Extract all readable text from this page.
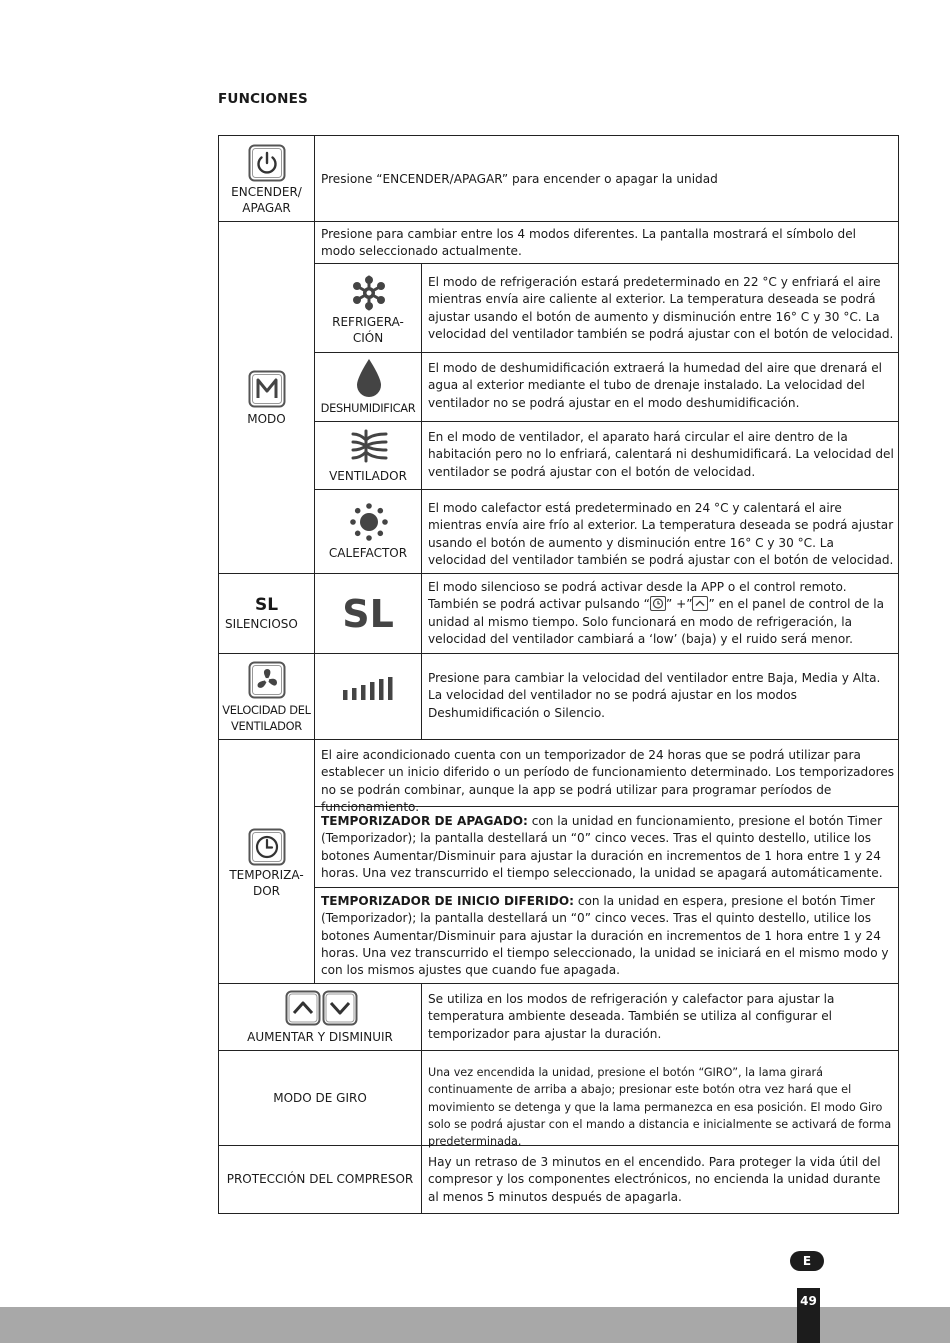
FUNCIONES
ENCENDER/
APAGAR
Presione “ENCENDER/APAGAR” para encender o apagar la unidad
MODO
Presione para cambiar entre los 4 modos diferentes. La pantalla mostrará el símbolo del modo seleccionado actualmente.
REFRIGERA-
CIÓN
El modo de refrigeración estará predeterminado en 22 °C y enfriará el aire mientras envía aire caliente al exterior. La temperatura deseada se podrá ajustar usando el botón de aumento y disminución entre 16° C y 30 °C. La velocidad del ventilador también se podrá ajustar con el botón de velocidad.
DESHUMIDIFICAR
El modo de deshumidificación extraerá la humedad del aire que drenará el agua al exterior mediante el tubo de drenaje instalado. La velocidad del ventilador no se podrá ajustar en el modo deshumidificación.
VENTILADOR
En el modo de ventilador, el aparato hará circular el aire dentro de la habitación pero no lo enfriará, calentará ni deshumidificará. La velocidad del ventilador se podrá ajustar con el botón de velocidad.
CALEFACTOR
El modo calefactor está predeterminado en 24 °C y calentará el aire mientras envía aire frío al exterior. La temperatura deseada se podrá ajustar usando el botón de aumento y disminución entre 16° C y 30 °C. La velocidad del ventilador también se podrá ajustar con el botón de velocidad.
SL
SILENCIOSO	SL
El modo silencioso se podrá activar desde la APP o el control remoto. También se podrá activar pulsando “ ” +” ” en el panel de control de la unidad al mismo tiempo. Solo funcionará en modo de refrigeración, la velocidad del ventilador cambiará a ‘low’ (baja) y el ruido será menor.
VELOCIDAD DEL
VENTILADOR
Presione para cambiar la velocidad del ventilador entre Baja, Media y Alta. La velocidad del ventilador no se podrá ajustar en los modos Deshumidificación o Silencio.
TEMPORIZA-
DOR
El aire acondicionado cuenta con un temporizador de 24 horas que se podrá utilizar para establecer un inicio diferido o un período de funcionamiento determinado. Los temporizadores no se podrán combinar, aunque la app se podrá utilizar para programar períodos de funcionamiento.
TEMPORIZADOR DE APAGADO: con la unidad en funcionamiento, presione el botón Timer (Temporizador); la pantalla destellará un “0” cinco veces. Tras el quinto destello, utilice los botones Aumentar/Disminuir para ajustar la duración en incrementos de 1 hora entre 1 y 24 horas. Una vez transcurrido el tiempo seleccionado, la unidad se apagará automáticamente.
TEMPORIZADOR DE INICIO DIFERIDO: con la unidad en espera, presione el botón Timer (Temporizador); la pantalla destellará un “0” cinco veces. Tras el quinto destello, utilice los botones Aumentar/Disminuir para ajustar la duración en incrementos de 1 hora entre 1 y 24 horas. Una vez transcurrido el tiempo seleccionado, la unidad se iniciará en el mismo modo y con los mismos ajustes que cuando fue apagada.
AUMENTAR Y DISMINUIR
Se utiliza en los modos de refrigeración y calefactor para ajustar la temperatura ambiente deseada. También se utiliza al configurar el temporizador para ajustar la duración.
MODO DE GIRO
Una vez encendida la unidad, presione el botón “GIRO”, la lama girará continuamente de arriba a abajo; presionar este botón otra vez hará que el movimiento se detenga y que la lama permanezca en esa posición. El modo Giro solo se podrá ajustar con el mando a distancia e inicialmente se activará de forma predeterminada.
PROTECCIÓN DEL COMPRESOR
Hay un retraso de 3 minutos en el encendido. Para proteger la vida útil del compresor y los componentes electrónicos, no encienda la unidad durante al menos 5 minutos después de apagarla.
E
49
